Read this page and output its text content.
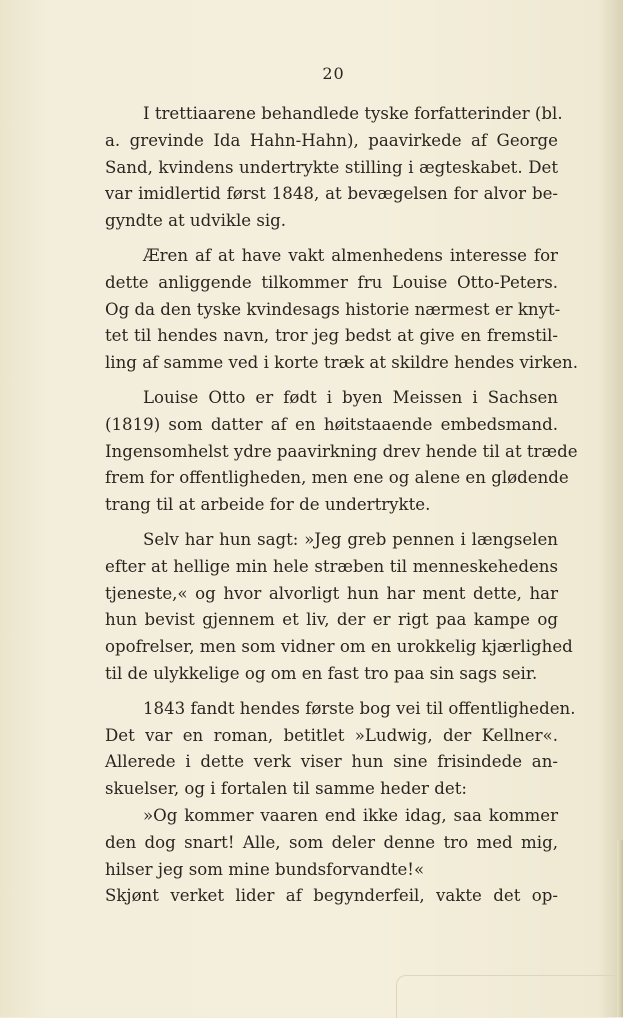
20
I trettiaarene behandlede tyske forfatterinder (bl.
a. grevinde Ida Hahn-Hahn), paavirkede af George
Sand, kvindens undertrykte stilling i ægteskabet. Det
var imidlertid først 1848, at bevægelsen for alvor be-
gyndte at udvikle sig.
Æren af at have vakt almenhedens interesse for
dette anliggende tilkommer fru Louise Otto-Peters.
Og da den tyske kvindesags historie nærmest er knyt-
tet til hendes navn, tror jeg bedst at give en fremstil-
ling af samme ved i korte træk at skildre hendes virken.
Louise Otto er født i byen Meissen i Sachsen
(1819) som datter af en høitstaaende embedsmand.
Ingensomhelst ydre paavirkning drev hende til at træde
frem for offentligheden, men ene og alene en glødende
trang til at arbeide for de undertrykte.
Selv har hun sagt: »Jeg greb pennen i længselen
efter at hellige min hele stræben til menneskehedens
tjeneste,« og hvor alvorligt hun har ment dette, har
hun bevist gjennem et liv, der er rigt paa kampe og
opofrelser, men som vidner om en urokkelig kjærlighed
til de ulykkelige og om en fast tro paa sin sags seir.
1843 fandt hendes første bog vei til offentligheden.
Det var en roman, betitlet »Ludwig, der Kellner«.
Allerede i dette verk viser hun sine frisindede an-
skuelser, og i fortalen til samme heder det:
»Og kommer vaaren end ikke idag, saa kommer
den dog snart! Alle, som deler denne tro med mig,
hilser jeg som mine bundsforvandte!«
Skjønt verket lider af begynderfeil, vakte det op-
